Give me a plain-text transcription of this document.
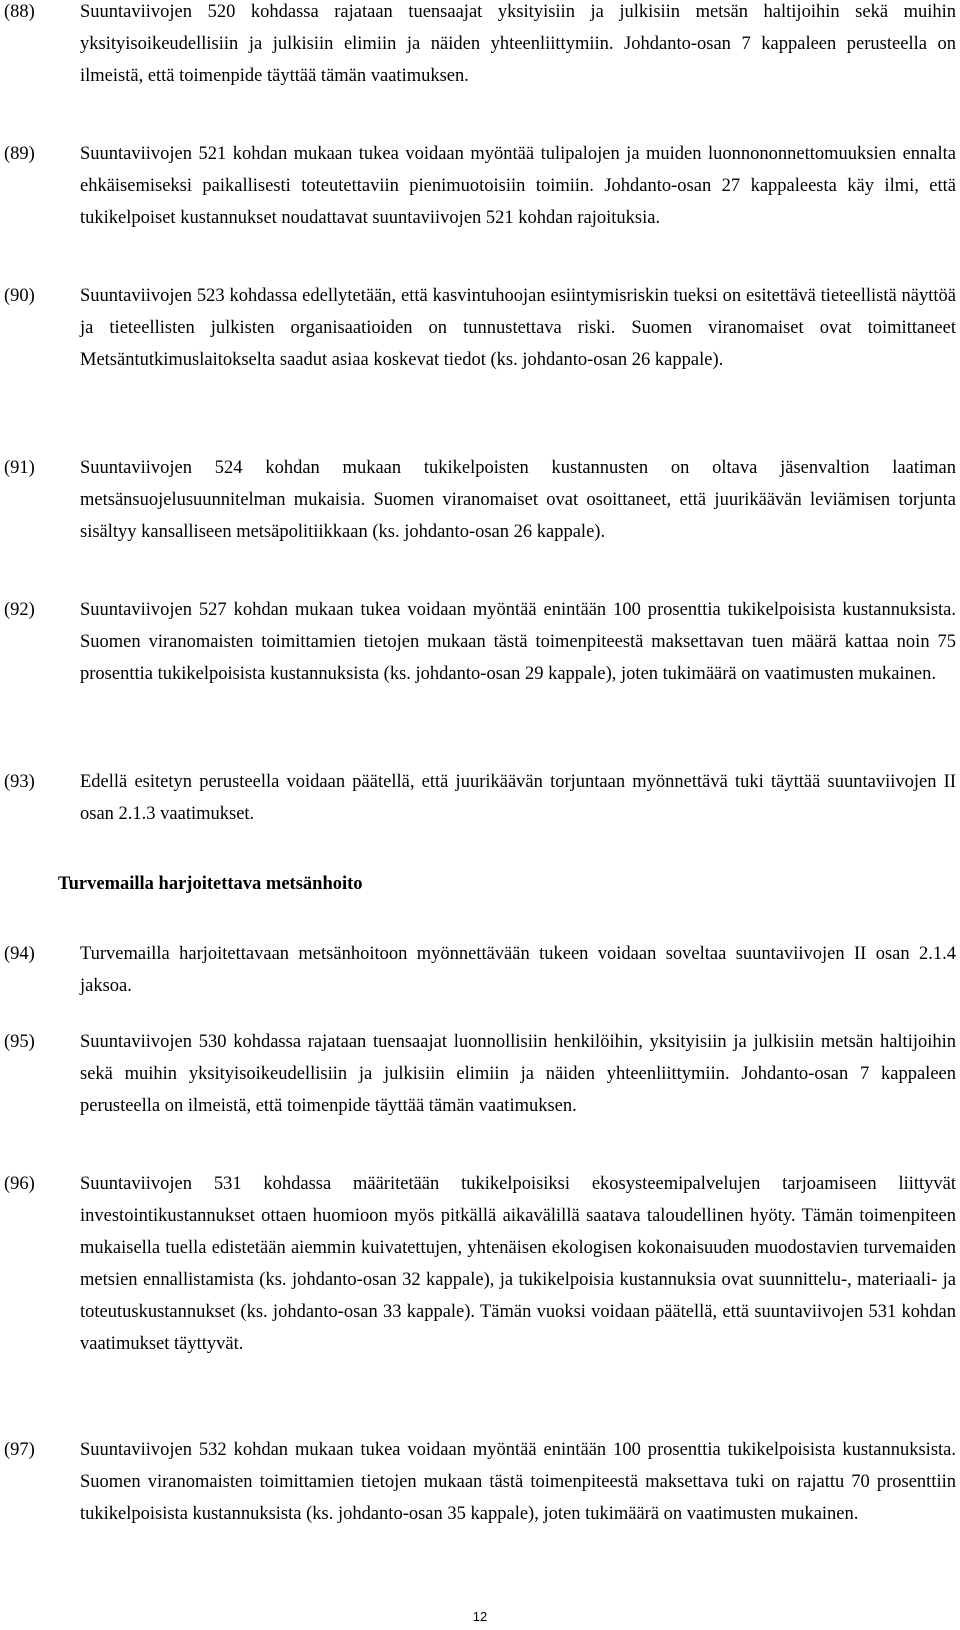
(88)	Suuntaviivojen 520 kohdassa rajataan tuensaajat yksityisiin ja julkisiin metsän haltijoihin sekä muihin yksityisoikeudellisiin ja julkisiin elimiin ja näiden yhteenliittymiin. Johdanto-osan 7 kappaleen perusteella on ilmeistä, että toimenpide täyttää tämän vaatimuksen.
(89)	Suuntaviivojen 521 kohdan mukaan tukea voidaan myöntää tulipalojen ja muiden luonnononnettomuuksien ennalta ehkäisemiseksi paikallisesti toteutettaviin pienimuotoisiin toimiin. Johdanto-osan 27 kappaleesta käy ilmi, että tukikelpoiset kustannukset noudattavat suuntaviivojen 521 kohdan rajoituksia.
(90)	Suuntaviivojen 523 kohdassa edellytetään, että kasvintuhoojan esiintymisriskin tueksi on esitettävä tieteellistä näyttöä ja tieteellisten julkisten organisaatioiden on tunnustettava riski. Suomen viranomaiset ovat toimittaneet Metsäntutkimuslaitokselta saadut asiaa koskevat tiedot (ks. johdanto-osan 26 kappale).
(91)	Suuntaviivojen 524 kohdan mukaan tukikelpoisten kustannusten on oltava jäsenvaltion laatiman metsänsuojelusuunnitelman mukaisia. Suomen viranomaiset ovat osoittaneet, että juurikäävän leviämisen torjunta sisältyy kansalliseen metsäpolitiikkaan (ks. johdanto-osan 26 kappale).
(92)	Suuntaviivojen 527 kohdan mukaan tukea voidaan myöntää enintään 100 prosenttia tukikelpoisista kustannuksista. Suomen viranomaisten toimittamien tietojen mukaan tästä toimenpiteestä maksettavan tuen määrä kattaa noin 75 prosenttia tukikelpoisista kustannuksista (ks. johdanto-osan 29 kappale), joten tukimäärä on vaatimusten mukainen.
(93)	Edellä esitetyn perusteella voidaan päätellä, että juurikäävän torjuntaan myönnettävä tuki täyttää suuntaviivojen II osan 2.1.3 vaatimukset.
Turvemailla harjoitettava metsänhoito
(94)	Turvemailla harjoitettavaan metsänhoitoon myönnettävään tukeen voidaan soveltaa suuntaviivojen II osan 2.1.4 jaksoa.
(95)	Suuntaviivojen 530 kohdassa rajataan tuensaajat luonnollisiin henkilöihin, yksityisiin ja julkisiin metsän haltijoihin sekä muihin yksityisoikeudellisiin ja julkisiin elimiin ja näiden yhteenliittymiin. Johdanto-osan 7 kappaleen perusteella on ilmeistä, että toimenpide täyttää tämän vaatimuksen.
(96)	Suuntaviivojen 531 kohdassa määritetään tukikelpoisiksi ekosysteemipalvelujen tarjoamiseen liittyvät investointikustannukset ottaen huomioon myös pitkällä aikavälillä saatava taloudellinen hyöty. Tämän toimenpiteen mukaisella tuella edistetään aiemmin kuivatettujen, yhtenäisen ekologisen kokonaisuuden muodostavien turvemaiden metsien ennallistamista (ks. johdanto-osan 32 kappale), ja tukikelpoisia kustannuksia ovat suunnittelu-, materiaali- ja toteutuskustannukset (ks. johdanto-osan 33 kappale). Tämän vuoksi voidaan päätellä, että suuntaviivojen 531 kohdan vaatimukset täyttyvät.
(97)	Suuntaviivojen 532 kohdan mukaan tukea voidaan myöntää enintään 100 prosenttia tukikelpoisista kustannuksista. Suomen viranomaisten toimittamien tietojen mukaan tästä toimenpiteestä maksettava tuki on rajattu 70 prosenttiin tukikelpoisista kustannuksista (ks. johdanto-osan 35 kappale), joten tukimäärä on vaatimusten mukainen.
12
